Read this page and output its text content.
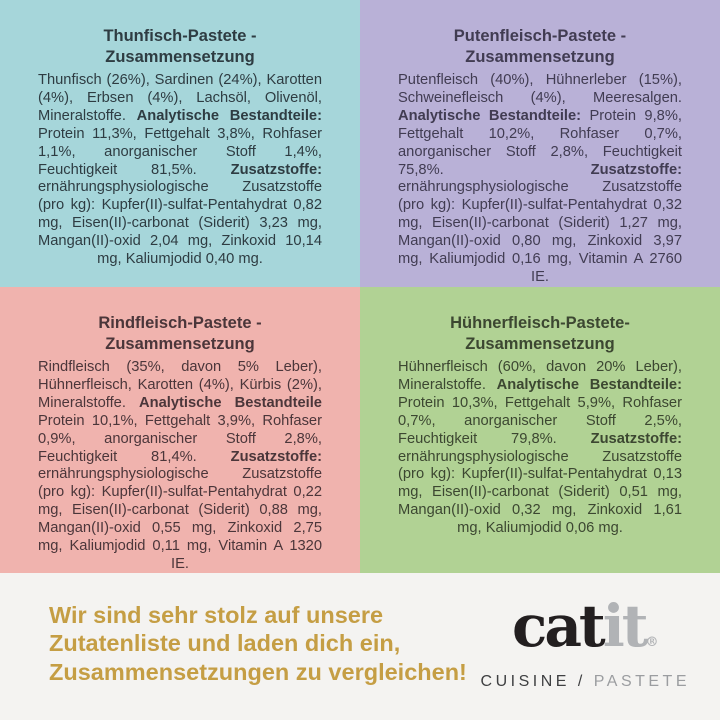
Thunfisch-Pastete -
Zusammensetzung

Thunfisch (26%), Sardinen (24%), Karotten (4%), Erbsen (4%), Lachsöl, Olivenöl, Mineralstoffe. Analytische Bestandteile: Protein 11,3%, Fettgehalt 3,8%, Rohfaser 1,1%, anorganischer Stoff 1,4%, Feuchtigkeit 81,5%. Zusatzstoffe: ernährungsphysiologische Zusatzstoffe (pro kg): Kupfer(II)-sulfat-Pentahydrat 0,82 mg, Eisen(II)-carbonat (Siderit) 3,23 mg, Mangan(II)-oxid 2,04 mg, Zinkoxid 10,14 mg, Kaliumjodid 0,40 mg.

Putenfleisch-Pastete -
Zusammensetzung

Putenfleisch (40%), Hühnerleber (15%), Schweinefleisch (4%), Meeresalgen. Analytische Bestandteile: Protein 9,8%, Fettgehalt 10,2%, Rohfaser 0,7%, anorganischer Stoff 2,8%, Feuchtigkeit 75,8%. Zusatzstoffe: ernährungsphysiologische Zusatzstoffe (pro kg): Kupfer(II)-sulfat-Pentahydrat 0,32 mg, Eisen(II)-carbonat (Siderit) 1,27 mg, Mangan(II)-oxid 0,80 mg, Zinkoxid 3,97 mg, Kaliumjodid 0,16 mg, Vitamin A 2760 IE.

Rindfleisch-Pastete -
Zusammensetzung

Rindfleisch (35%, davon 5% Leber), Hühnerfleisch, Karotten (4%), Kürbis (2%), Mineralstoffe. Analytische Bestandteile Protein 10,1%, Fettgehalt 3,9%, Rohfaser 0,9%, anorganischer Stoff 2,8%, Feuchtigkeit 81,4%. Zusatzstoffe: ernährungsphysiologische Zusatzstoffe (pro kg): Kupfer(II)-sulfat-Pentahydrat 0,22 mg, Eisen(II)-carbonat (Siderit) 0,88 mg, Mangan(II)-oxid 0,55 mg, Zinkoxid 2,75 mg, Kaliumjodid 0,11 mg, Vitamin A 1320 IE.

Hühnerfleisch-Pastete-
Zusammensetzung

Hühnerfleisch (60%, davon 20% Leber), Mineralstoffe. Analytische Bestandteile: Protein 10,3%, Fettgehalt 5,9%, Rohfaser 0,7%, anorganischer Stoff 2,5%, Feuchtigkeit 79,8%. Zusatzstoffe: ernährungsphysiologische Zusatzstoffe (pro kg): Kupfer(II)-sulfat-Pentahydrat 0,13 mg, Eisen(II)-carbonat (Siderit) 0,51 mg, Mangan(II)-oxid 0,32 mg, Zinkoxid 1,61 mg, Kaliumjodid 0,06 mg.

Wir sind sehr stolz auf unsere
Zutatenliste und laden dich ein,
Zusammensetzungen zu vergleichen!
catit®
CUISINE / PASTETE
